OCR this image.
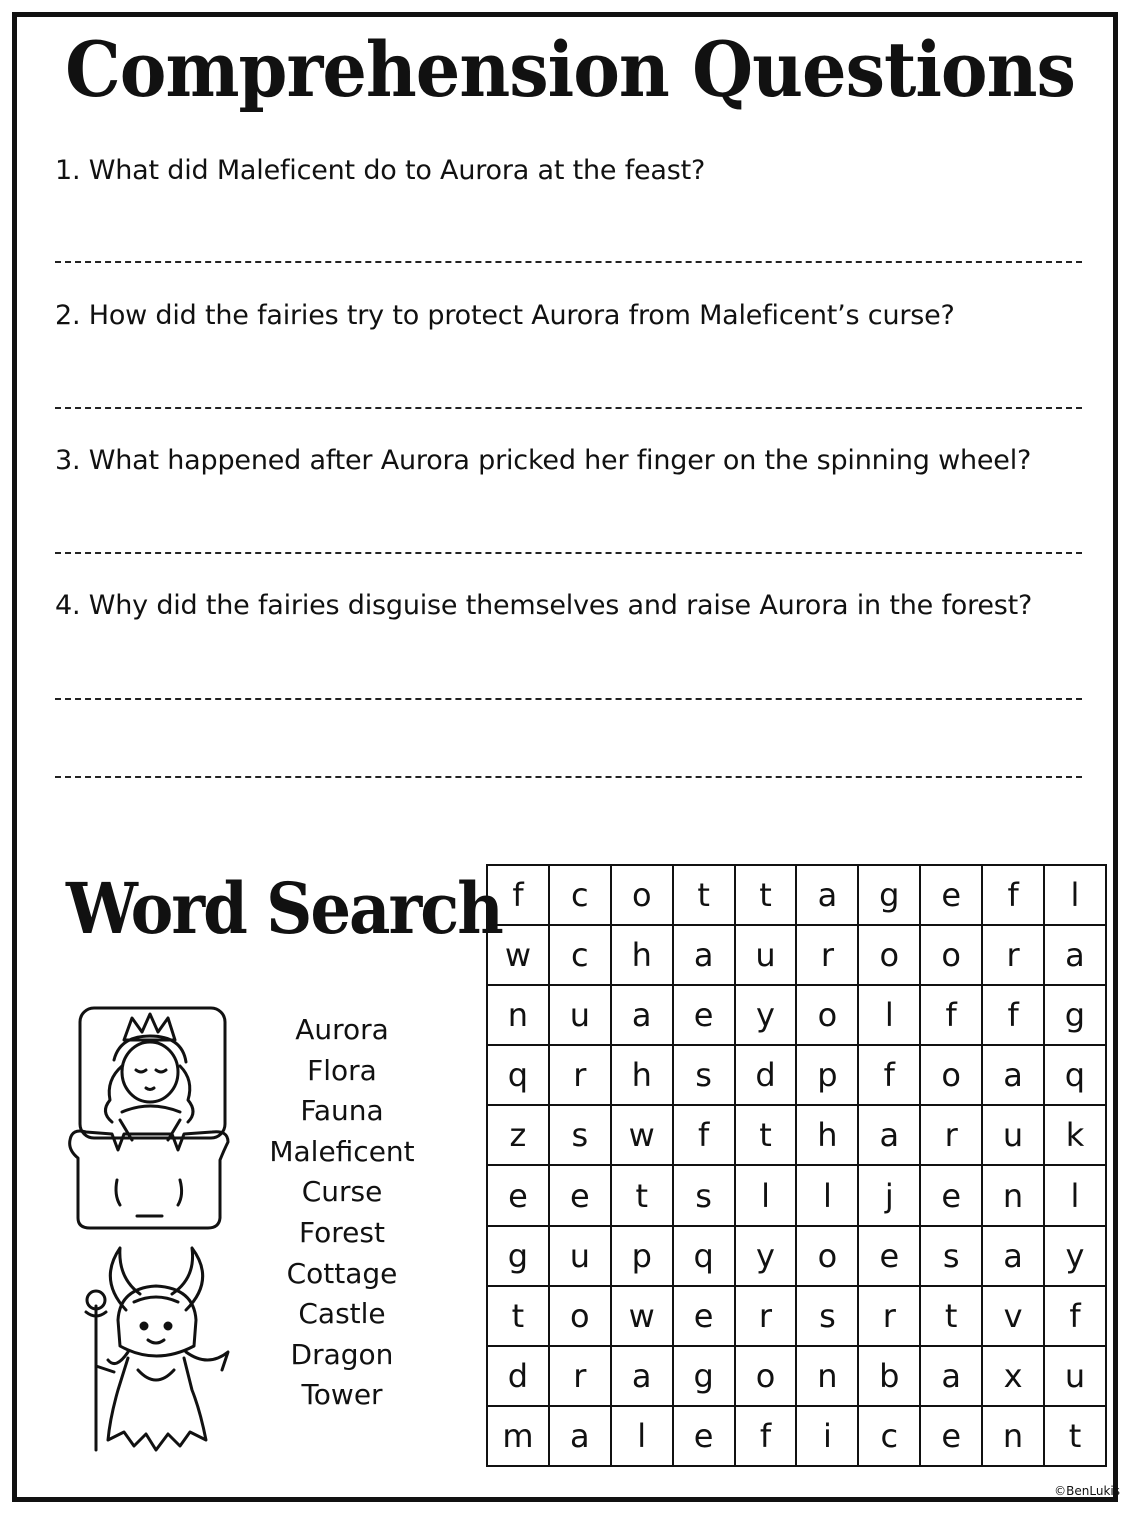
Comprehension Questions

1. What did Maleficent do to Aurora at the feast?

2. How did the fairies try to protect Aurora from Maleficent’s curse?

3. What happened after Aurora pricked her finger on the spinning wheel?

4. Why did the fairies disguise themselves and raise Aurora in the forest?

Word Search
Aurora
Flora
Fauna
Maleficent
Curse
Forest
Cottage
Castle
Dragon
Tower
f	c	o	t	t	a	g	e	f	l
w	c	h	a	u	r	o	o	r	a
n	u	a	e	y	o	l	f	f	g
q	r	h	s	d	p	f	o	a	q
z	s	w	f	t	h	a	r	u	k
e	e	t	s	l	l	j	e	n	l
g	u	p	q	y	o	e	s	a	y
t	o	w	e	r	s	r	t	v	f
d	r	a	g	o	n	b	a	x	u
m	a	l	e	f	i	c	e	n	t
©BenLukis
